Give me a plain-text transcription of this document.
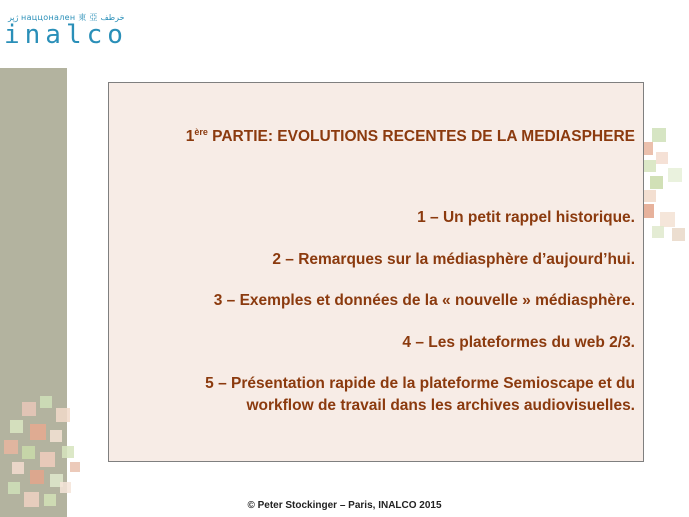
ژپر наццонален 東 亞 خرطف
inalco
1ère PARTIE: EVOLUTIONS RECENTES DE LA MEDIASPHERE
1 – Un petit rappel historique.
2 – Remarques sur la médiasphère d’aujourd’hui.
3 – Exemples et données de la « nouvelle » médiasphère.
4 – Les plateformes du web 2/3.
5 – Présentation rapide de la plateforme Semioscape et du
workflow de travail dans les archives audiovisuelles.
© Peter Stockinger – Paris, INALCO 2015
